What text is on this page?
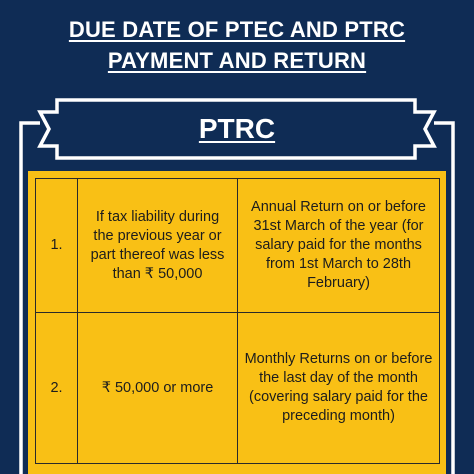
DUE DATE OF PTEC AND PTRC
PAYMENT AND RETURN
PTRC
1.	If tax liability during the previous year or part thereof was less than ₹ 50,000	Annual Return on or before 31st March of the year (for salary paid for the months from 1st March to 28th February)
2.	₹ 50,000 or more	Monthly Returns on or before the last day of the month (covering salary paid for the preceding month)
